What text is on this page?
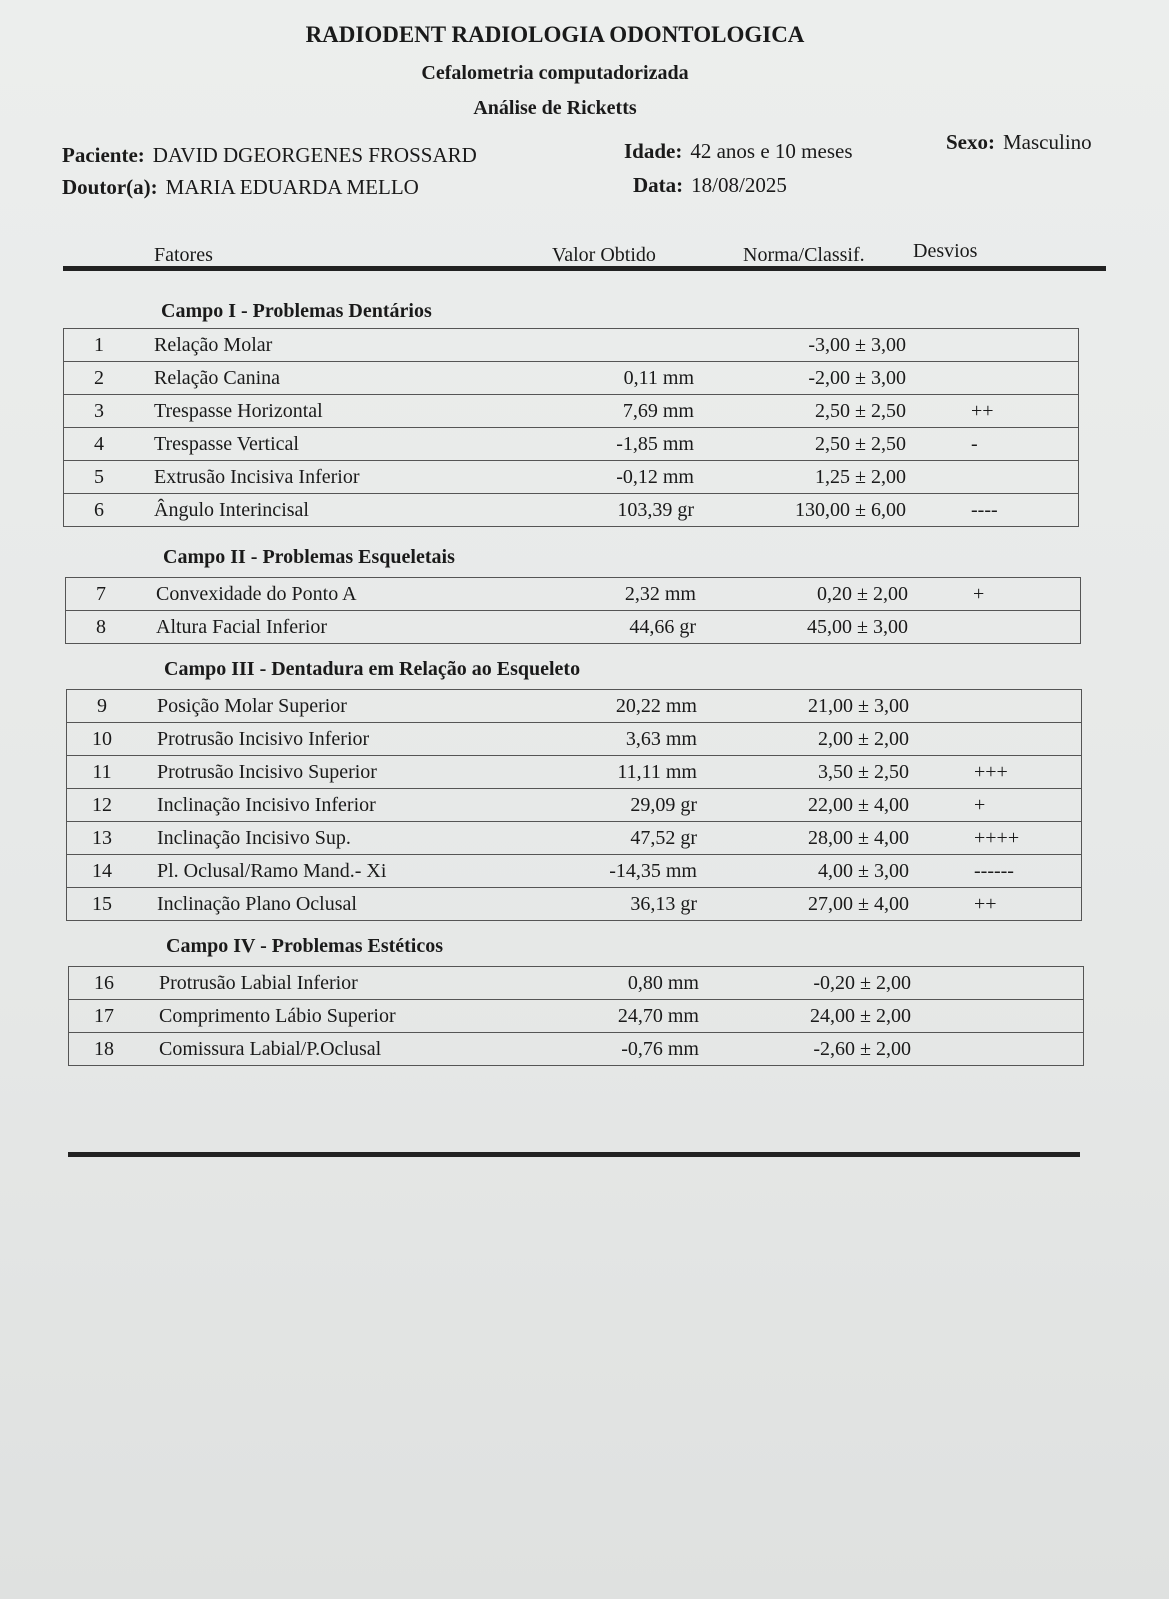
RADIODENT RADIOLOGIA ODONTOLOGICA
Cefalometria computadorizada
Análise de Ricketts
Paciente: DAVID DGEORGENES FROSSARD	Idade: 42 anos e 10 meses	Sexo: Masculino
Doutor(a): MARIA EDUARDA MELLO	Data: 18/08/2025
Fatores	Valor Obtido	Norma/Classif. Desvios
Campo I - Problemas Dentários
1	Relação Molar		-3,00 ± 3,00	
2	Relação Canina	0,11 mm	-2,00 ± 3,00	
3	Trespasse Horizontal	7,69 mm	2,50 ± 2,50	++
4	Trespasse Vertical	-1,85 mm	2,50 ± 2,50	-
5	Extrusão Incisiva Inferior	-0,12 mm	1,25 ± 2,00	
6	Ângulo Interincisal	103,39 gr	130,00 ± 6,00	----
Campo II - Problemas Esqueletais
7	Convexidade do Ponto A	2,32 mm	0,20 ± 2,00	+
8	Altura Facial Inferior	44,66 gr	45,00 ± 3,00	
Campo III - Dentadura em Relação ao Esqueleto
9	Posição Molar Superior	20,22 mm	21,00 ± 3,00	
10	Protrusão Incisivo Inferior	3,63 mm	2,00 ± 2,00	
11	Protrusão Incisivo Superior	11,11 mm	3,50 ± 2,50	+++
12	Inclinação Incisivo Inferior	29,09 gr	22,00 ± 4,00	+
13	Inclinação Incisivo Sup.	47,52 gr	28,00 ± 4,00	++++
14	Pl. Oclusal/Ramo Mand.- Xi	-14,35 mm	4,00 ± 3,00	------
15	Inclinação Plano Oclusal	36,13 gr	27,00 ± 4,00	++
Campo IV - Problemas Estéticos
16	Protrusão Labial Inferior	0,80 mm	-0,20 ± 2,00	
17	Comprimento Lábio Superior	24,70 mm	24,00 ± 2,00	
18	Comissura Labial/P.Oclusal	-0,76 mm	-2,60 ± 2,00	
